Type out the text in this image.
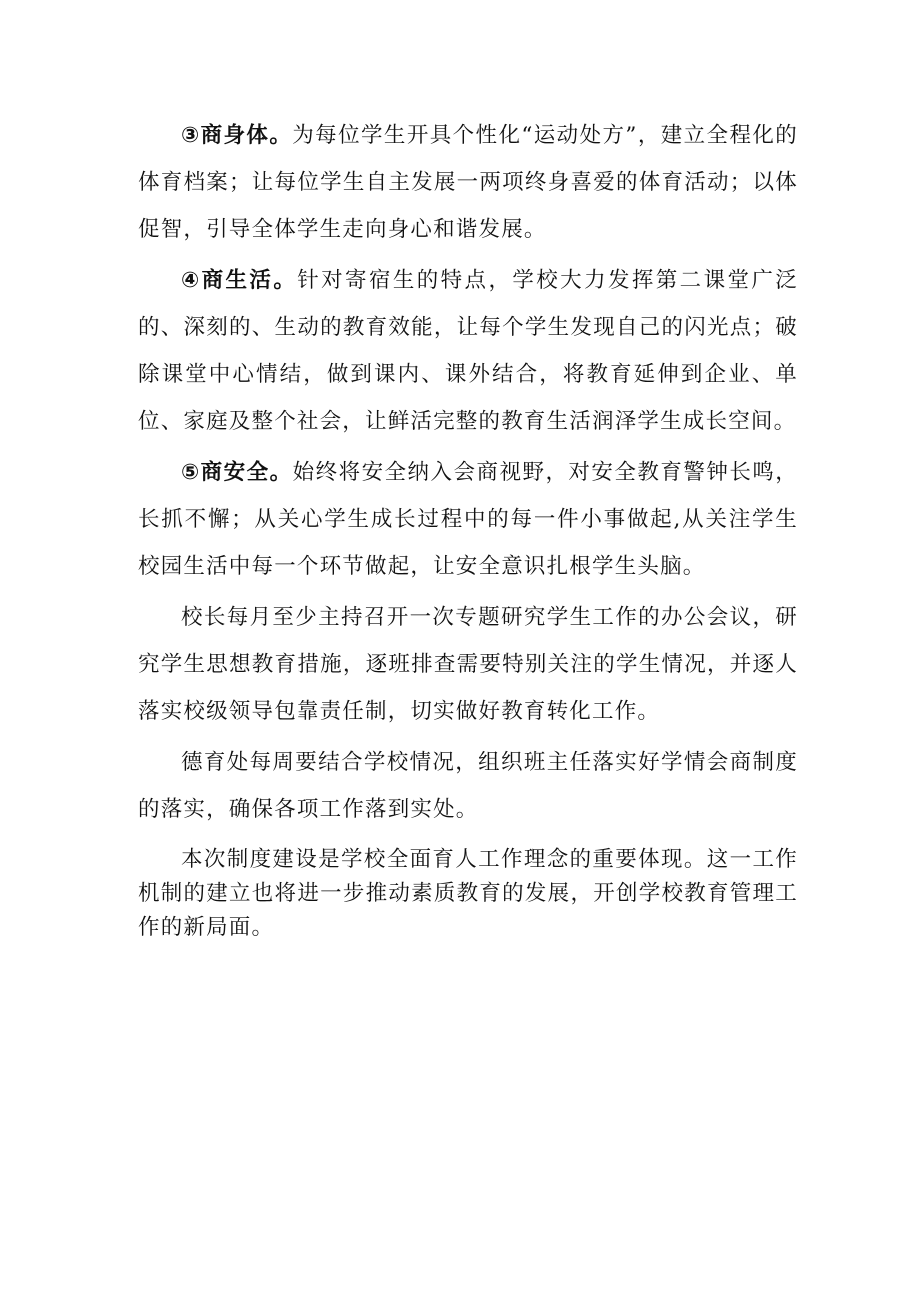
③商身体。为每位学生开具个性化“运动处方”，建立全程化的体育档案；让每位学生自主发展一两项终身喜爱的体育活动；以体促智，引导全体学生走向身心和谐发展。

④商生活。针对寄宿生的特点，学校大力发挥第二课堂广泛的、深刻的、生动的教育效能，让每个学生发现自己的闪光点；破除课堂中心情结，做到课内、课外结合，将教育延伸到企业、单位、家庭及整个社会，让鲜活完整的教育生活润泽学生成长空间。

⑤商安全。始终将安全纳入会商视野，对安全教育警钟长鸣，长抓不懈；从关心学生成长过程中的每一件小事做起,从关注学生校园生活中每一个环节做起，让安全意识扎根学生头脑。

校长每月至少主持召开一次专题研究学生工作的办公会议，研究学生思想教育措施，逐班排查需要特别关注的学生情况，并逐人落实校级领导包靠责任制，切实做好教育转化工作。

德育处每周要结合学校情况，组织班主任落实好学情会商制度的落实，确保各项工作落到实处。

本次制度建设是学校全面育人工作理念的重要体现。这一工作机制的建立也将进一步推动素质教育的发展，开创学校教育管理工作的新局面。
